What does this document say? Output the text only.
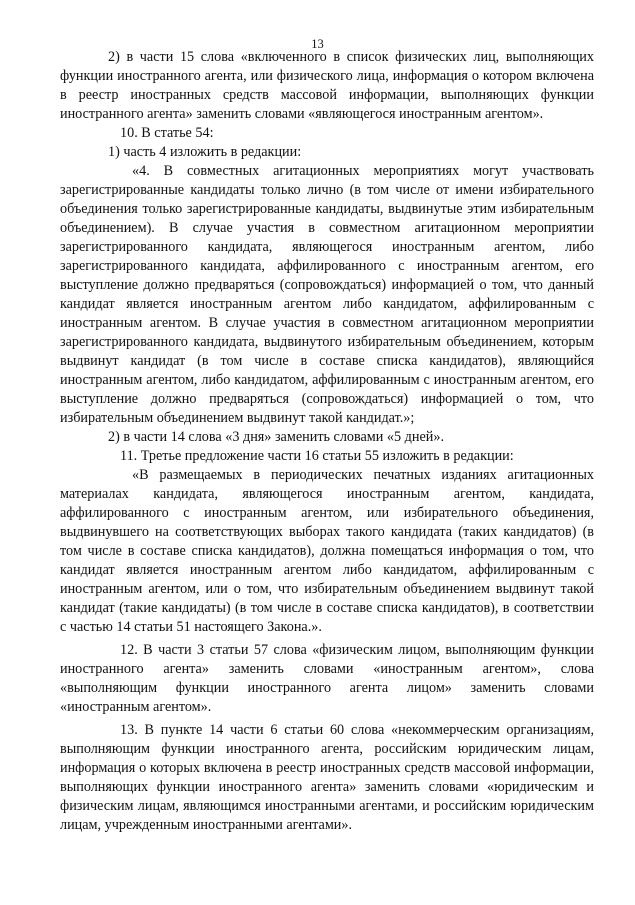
13

2) в части 15 слова «включенного в список физических лиц, выполняющих функции иностранного агента, или физического лица, информация о котором включена в реестр иностранных средств массовой информации, выполняющих функции иностранного агента» заменить словами «являющегося иностранным агентом».

10. В статье 54:

1) часть 4 изложить в редакции:

«4. В совместных агитационных мероприятиях могут участвовать зарегистрированные кандидаты только лично (в том числе от имени избирательного объединения только зарегистрированные кандидаты, выдвинутые этим избирательным объединением). В случае участия в совместном агитационном мероприятии зарегистрированного кандидата, являющегося иностранным агентом, либо зарегистрированного кандидата, аффилированного с иностранным агентом, его выступление должно предваряться (сопровождаться) информацией о том, что данный кандидат является иностранным агентом либо кандидатом, аффилированным с иностранным агентом. В случае участия в совместном агитационном мероприятии зарегистрированного кандидата, выдвинутого избирательным объединением, которым выдвинут кандидат (в том числе в составе списка кандидатов), являющийся иностранным агентом, либо кандидатом, аффилированным с иностранным агентом, его выступление должно предваряться (сопровождаться) информацией о том, что избирательным объединением выдвинут такой кандидат.»;

2) в части 14 слова «3 дня» заменить словами «5 дней».

11. Третье предложение части 16 статьи 55 изложить в редакции:

«В размещаемых в периодических печатных изданиях агитационных материалах кандидата, являющегося иностранным агентом, кандидата, аффилированного с иностранным агентом, или избирательного объединения, выдвинувшего на соответствующих выборах такого кандидата (таких кандидатов) (в том числе в составе списка кандидатов), должна помещаться информация о том, что кандидат является иностранным агентом либо кандидатом, аффилированным с иностранным агентом, или о том, что избирательным объединением выдвинут такой кандидат (такие кандидаты) (в том числе в составе списка кандидатов), в соответствии с частью 14 статьи 51 настоящего Закона.».

12. В части 3 статьи 57 слова «физическим лицом, выполняющим функции иностранного агента» заменить словами «иностранным агентом», слова «выполняющим функции иностранного агента лицом» заменить словами «иностранным агентом».

13. В пункте 14 части 6 статьи 60 слова «некоммерческим организациям, выполняющим функции иностранного агента, российским юридическим лицам, информация о которых включена в реестр иностранных средств массовой информации, выполняющих функции иностранного агента» заменить словами «юридическим и физическим лицам, являющимся иностранными агентами, и российским юридическим лицам, учрежденным иностранными агентами».
